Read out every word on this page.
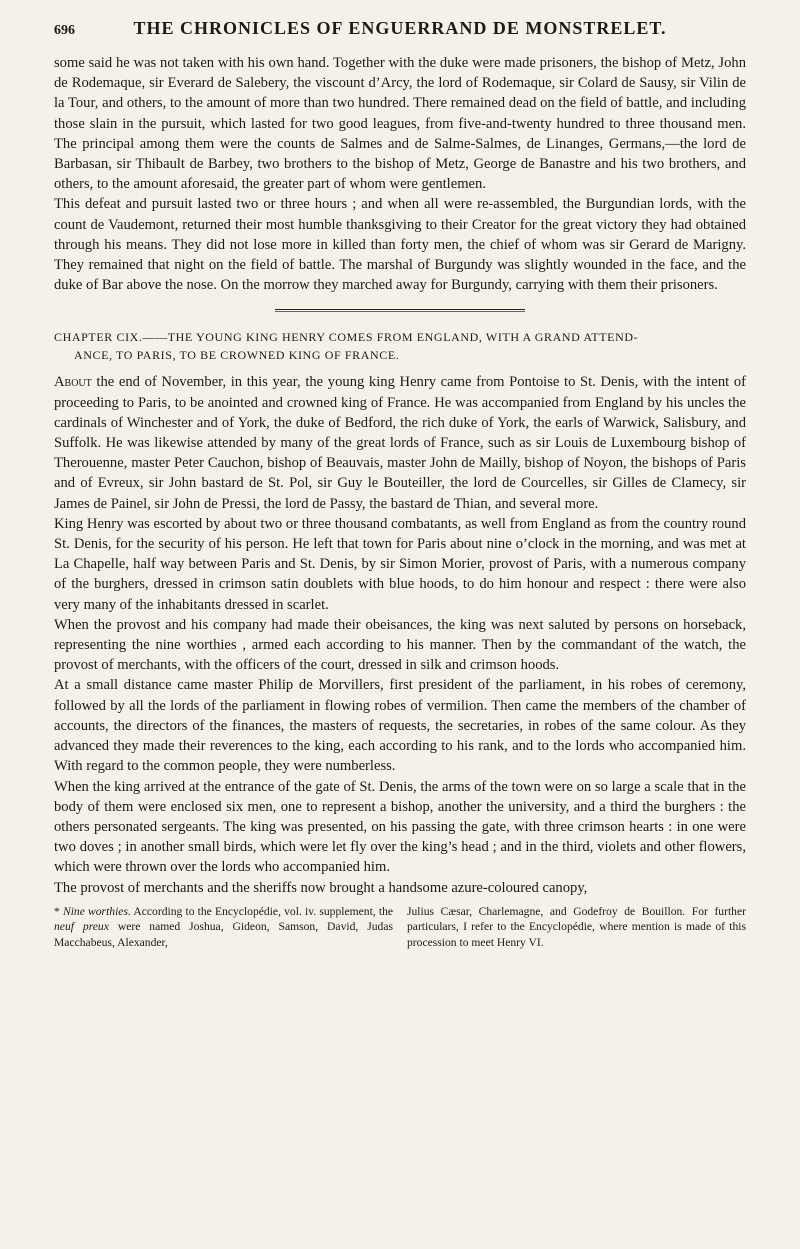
696	THE CHRONICLES OF ENGUERRAND DE MONSTRELET.

some said he was not taken with his own hand. Together with the duke were made prisoners, the bishop of Metz, John de Rodemaque, sir Everard de Salebery, the viscount d’Arcy, the lord of Rodemaque, sir Colard de Sausy, sir Vilin de la Tour, and others, to the amount of more than two hundred. There remained dead on the field of battle, and including those slain in the pursuit, which lasted for two good leagues, from five-and-twenty hundred to three thousand men. The principal among them were the counts de Salmes and de Salme-Salmes, de Linanges, Germans,—the lord de Barbasan, sir Thibault de Barbey, two brothers to the bishop of Metz, George de Banastre and his two brothers, and others, to the amount aforesaid, the greater part of whom were gentlemen.

This defeat and pursuit lasted two or three hours ; and when all were re-assembled, the Burgundian lords, with the count de Vaudemont, returned their most humble thanksgiving to their Creator for the great victory they had obtained through his means. They did not lose more in killed than forty men, the chief of whom was sir Gerard de Marigny. They remained that night on the field of battle. The marshal of Burgundy was slightly wounded in the face, and the duke of Bar above the nose. On the morrow they marched away for Burgundy, carrying with them their prisoners.

CHAPTER CIX.——THE YOUNG KING HENRY COMES FROM ENGLAND, WITH A GRAND ATTEND-
ANCE, TO PARIS, TO BE CROWNED KING OF FRANCE.

About the end of November, in this year, the young king Henry came from Pontoise to St. Denis, with the intent of proceeding to Paris, to be anointed and crowned king of France. He was accompanied from England by his uncles the cardinals of Winchester and of York, the duke of Bedford, the rich duke of York, the earls of Warwick, Salisbury, and Suffolk. He was likewise attended by many of the great lords of France, such as sir Louis de Luxembourg bishop of Therouenne, master Peter Cauchon, bishop of Beauvais, master John de Mailly, bishop of Noyon, the bishops of Paris and of Evreux, sir John bastard de St. Pol, sir Guy le Bouteiller, the lord de Courcelles, sir Gilles de Clamecy, sir James de Painel, sir John de Pressi, the lord de Passy, the bastard de Thian, and several more.

King Henry was escorted by about two or three thousand combatants, as well from England as from the country round St. Denis, for the security of his person. He left that town for Paris about nine o’clock in the morning, and was met at La Chapelle, half way between Paris and St. Denis, by sir Simon Morier, provost of Paris, with a numerous company of the burghers, dressed in crimson satin doublets with blue hoods, to do him honour and respect : there were also very many of the inhabitants dressed in scarlet.

When the provost and his company had made their obeisances, the king was next saluted by persons on horseback, representing the nine worthies , armed each according to his manner. Then by the commandant of the watch, the provost of merchants, with the officers of the court, dressed in silk and crimson hoods.

At a small distance came master Philip de Morvillers, first president of the parliament, in his robes of ceremony, followed by all the lords of the parliament in flowing robes of vermilion. Then came the members of the chamber of accounts, the directors of the finances, the masters of requests, the secretaries, in robes of the same colour. As they advanced they made their reverences to the king, each according to his rank, and to the lords who accompanied him. With regard to the common people, they were numberless.

When the king arrived at the entrance of the gate of St. Denis, the arms of the town were on so large a scale that in the body of them were enclosed six men, one to represent a bishop, another the university, and a third the burghers : the others personated sergeants. The king was presented, on his passing the gate, with three crimson hearts : in one were two doves ; in another small birds, which were let fly over the king’s head ; and in the third, violets and other flowers, which were thrown over the lords who accompanied him.

The provost of merchants and the sheriffs now brought a handsome azure-coloured canopy,

* Nine worthies. According to the Encyclopédie, vol. iv. supplement, the neuf preux were named Joshua, Gideon, Samson, David, Judas Macchabeus, Alexander,
Julius Cæsar, Charlemagne, and Godefroy de Bouillon. For further particulars, I refer to the Encyclopédie, where mention is made of this procession to meet Henry VI.
